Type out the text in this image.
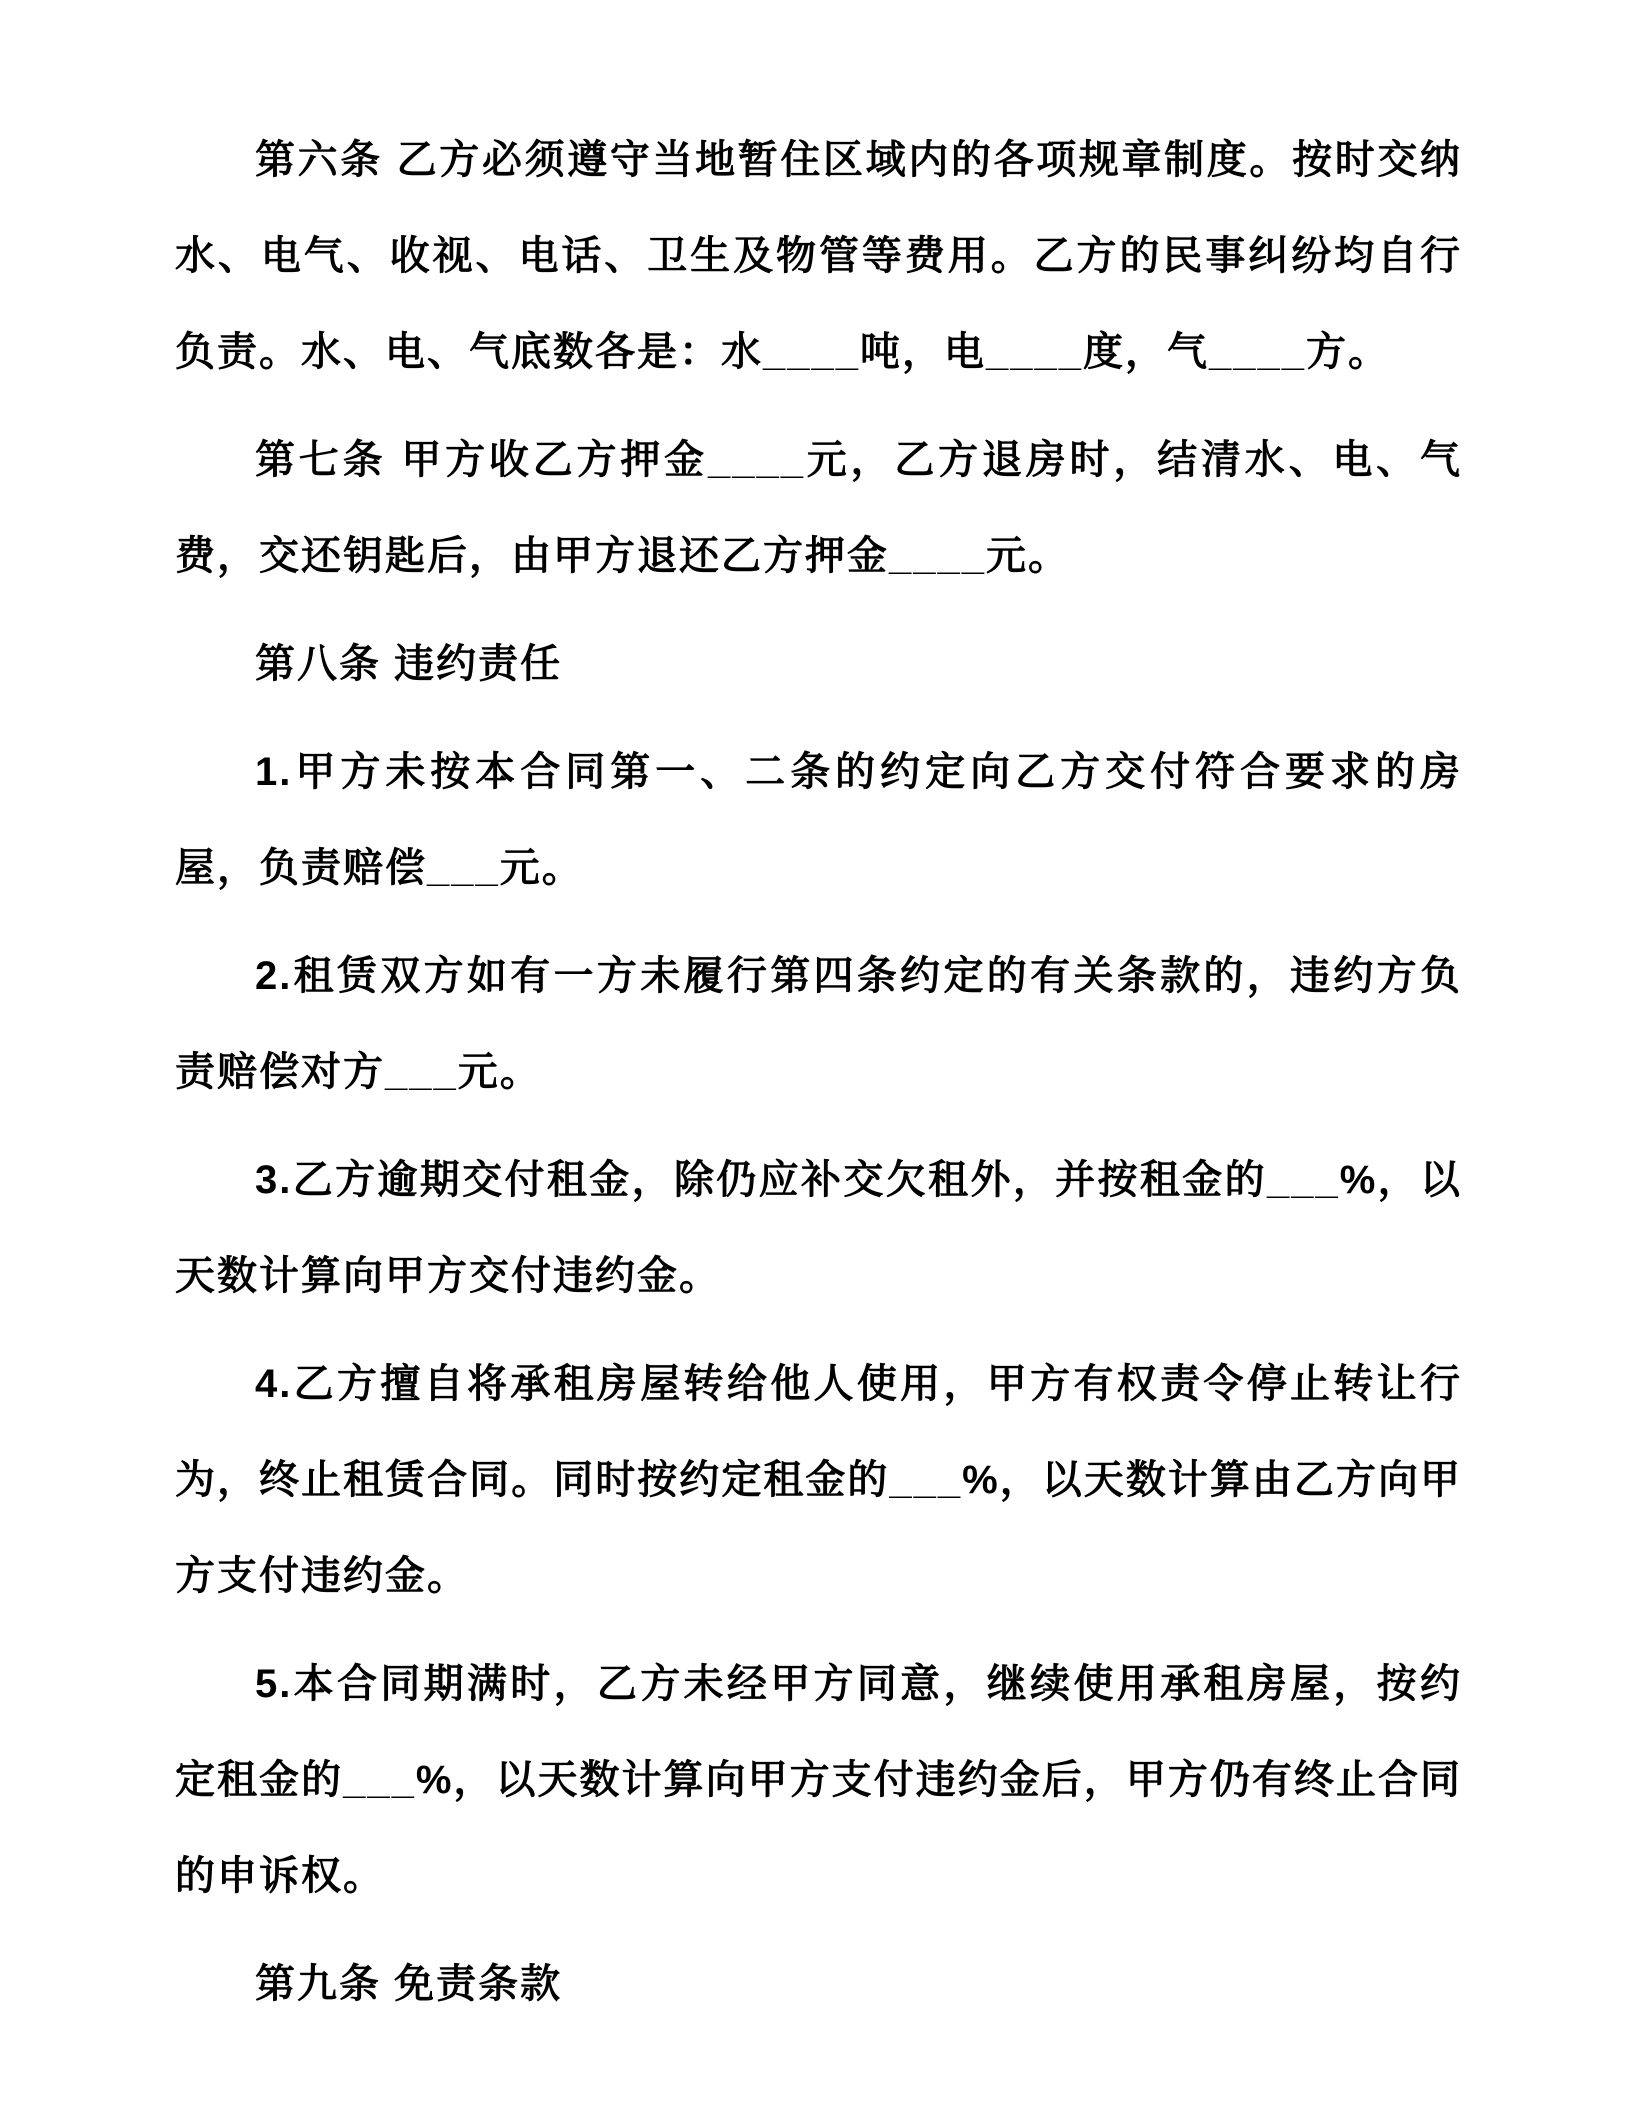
第六条 乙方必须遵守当地暂住区域内的各项规章制度。按时交纳水、电气、收视、电话、卫生及物管等费用。乙方的民事纠纷均自行负责。水、电、气底数各是：水____吨，电____度，气____方。

第七条 甲方收乙方押金____元，乙方退房时，结清水、电、气费，交还钥匙后，由甲方退还乙方押金____元。

第八条 违约责任

1.甲方未按本合同第一、二条的约定向乙方交付符合要求的房屋，负责赔偿___元。

2.租赁双方如有一方未履行第四条约定的有关条款的，违约方负责赔偿对方___元。

3.乙方逾期交付租金，除仍应补交欠租外，并按租金的___%，以天数计算向甲方交付违约金。

4.乙方擅自将承租房屋转给他人使用，甲方有权责令停止转让行为，终止租赁合同。同时按约定租金的___%，以天数计算由乙方向甲方支付违约金。

5.本合同期满时，乙方未经甲方同意，继续使用承租房屋，按约定租金的___%，以天数计算向甲方支付违约金后，甲方仍有终止合同的申诉权。

第九条 免责条款
